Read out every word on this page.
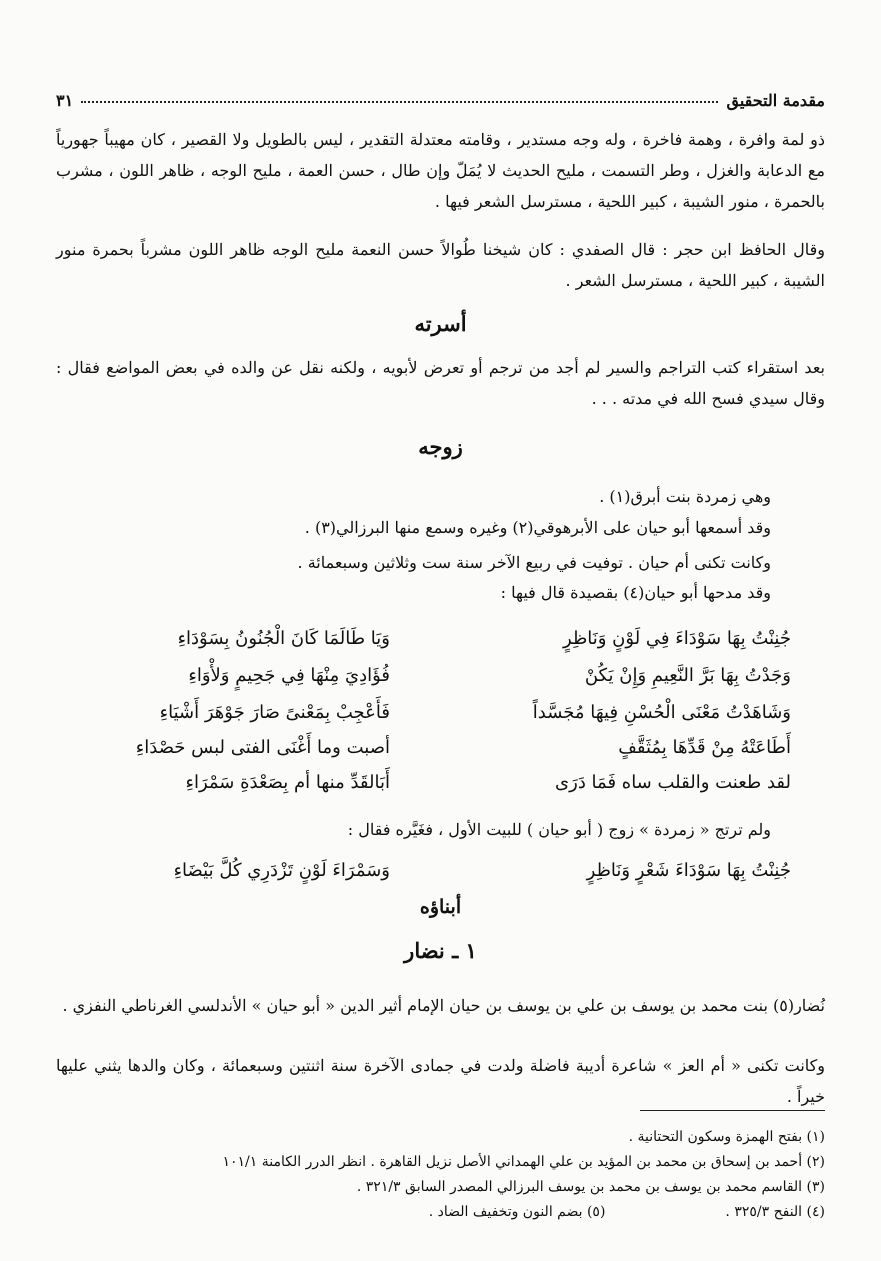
مقدمة التحقيق
٣١

ذو لمة وافرة ، وهمة فاخرة ، وله وجه مستدير ، وقامته معتدلة التقدير ، ليس بالطويل ولا القصير ، كان مهيباً جهورياً مع الدعابة والغزل ، وطر التسمت ، مليح الحديث لا يُمَلّ وإن طال ، حسن العمة ، مليح الوجه ، ظاهر اللون ، مشرب بالحمرة ، منور الشيبة ، كبير اللحية ، مسترسل الشعر فيها .

وقال الحافظ ابن حجر : قال الصفدي : كان شيخنا طُوالاً حسن النعمة مليح الوجه ظاهر اللون مشرباً بحمرة منور الشيبة ، كبير اللحية ، مسترسل الشعر .

أسرته

بعد استقراء كتب التراجم والسير لم أجد من ترجم أو تعرض لأبويه ، ولكنه نقل عن والده في بعض المواضع فقال : وقال سيدي فسح الله في مدته . . .

زوجه

وهي زمردة بنت أبرق(١) .

وقد أسمعها أبو حيان على الأبرهوقي(٢) وغيره وسمع منها البرزالي(٣) .

وكانت تكنى أم حيان . توفيت في ربيع الآخر سنة ست وثلاثين وسبعمائة .

وقد مدحها أبو حيان(٤) بقصيدة قال فيها :

جُنِنْتُ بِهَا سَوْدَاءَ فِي لَوْنٍ وَنَاظِرٍ
وَيَا طَالَمَا كَانَ الْجُنُونُ بِسَوْدَاءِ
وَجَدْتُ بِهَا بَرَّ النَّعِيمِ وَإِنْ يَكُنْ
فُؤَادِيَ مِنْهَا فِي جَحِيمٍ وَلأْوَاءِ
وَشَاهَدْتُ مَعْنَى الْحُسْنِ فِيهَا مُجَسَّداً
فَأَعْجِبْ بِمَعْنىً صَارَ جَوْهَرَ أَشْيَاءِ
أَطَاعَتْهُ مِنْ قَدِّهَا بِمُثَقَّفٍ
أصبت وما أَغْنَى الفتى لبس حَصْدَاءِ
لقد طعنت والقلب ساه فَمَا دَرَى
أَبَالقَدِّ منها أم بِصَعْدَةِ سَمْرَاءِ

ولم ترتج « زمردة » زوج ( أبو حيان ) للبيت الأول ، فغَيَّره فقال :

جُنِنْتُ بِهَا سَوْدَاءَ شَعْرٍ وَنَاظِرٍ
وَسَمْرَاءَ لَوْنٍ تَزْدَرِي كُلَّ بَيْضَاءِ
أبناؤه
١ ـ نضار

نُضار(٥) بنت محمد بن يوسف بن علي بن يوسف بن حيان الإمام أثير الدين « أبو حيان » الأندلسي الغرناطي النفزي .

وكانت تكنى « أم العز » شاعرة أديبة فاضلة ولدت في جمادى الآخرة سنة اثنتين وسبعمائة ، وكان والدها يثني عليها خيراً .

(١) بفتح الهمزة وسكون التحتانية .

(٢) أحمد بن إسحاق بن محمد بن المؤيد بن علي الهمداني الأصل نزيل القاهرة . انظر الدرر الكامنة ١٠١/١

(٣) القاسم محمد بن يوسف بن محمد بن يوسف البرزالي المصدر السابق ٣٢١/٣ .

(٤) النفح ٣٢٥/٣ .
(٥) بضم النون وتخفيف الضاد .
